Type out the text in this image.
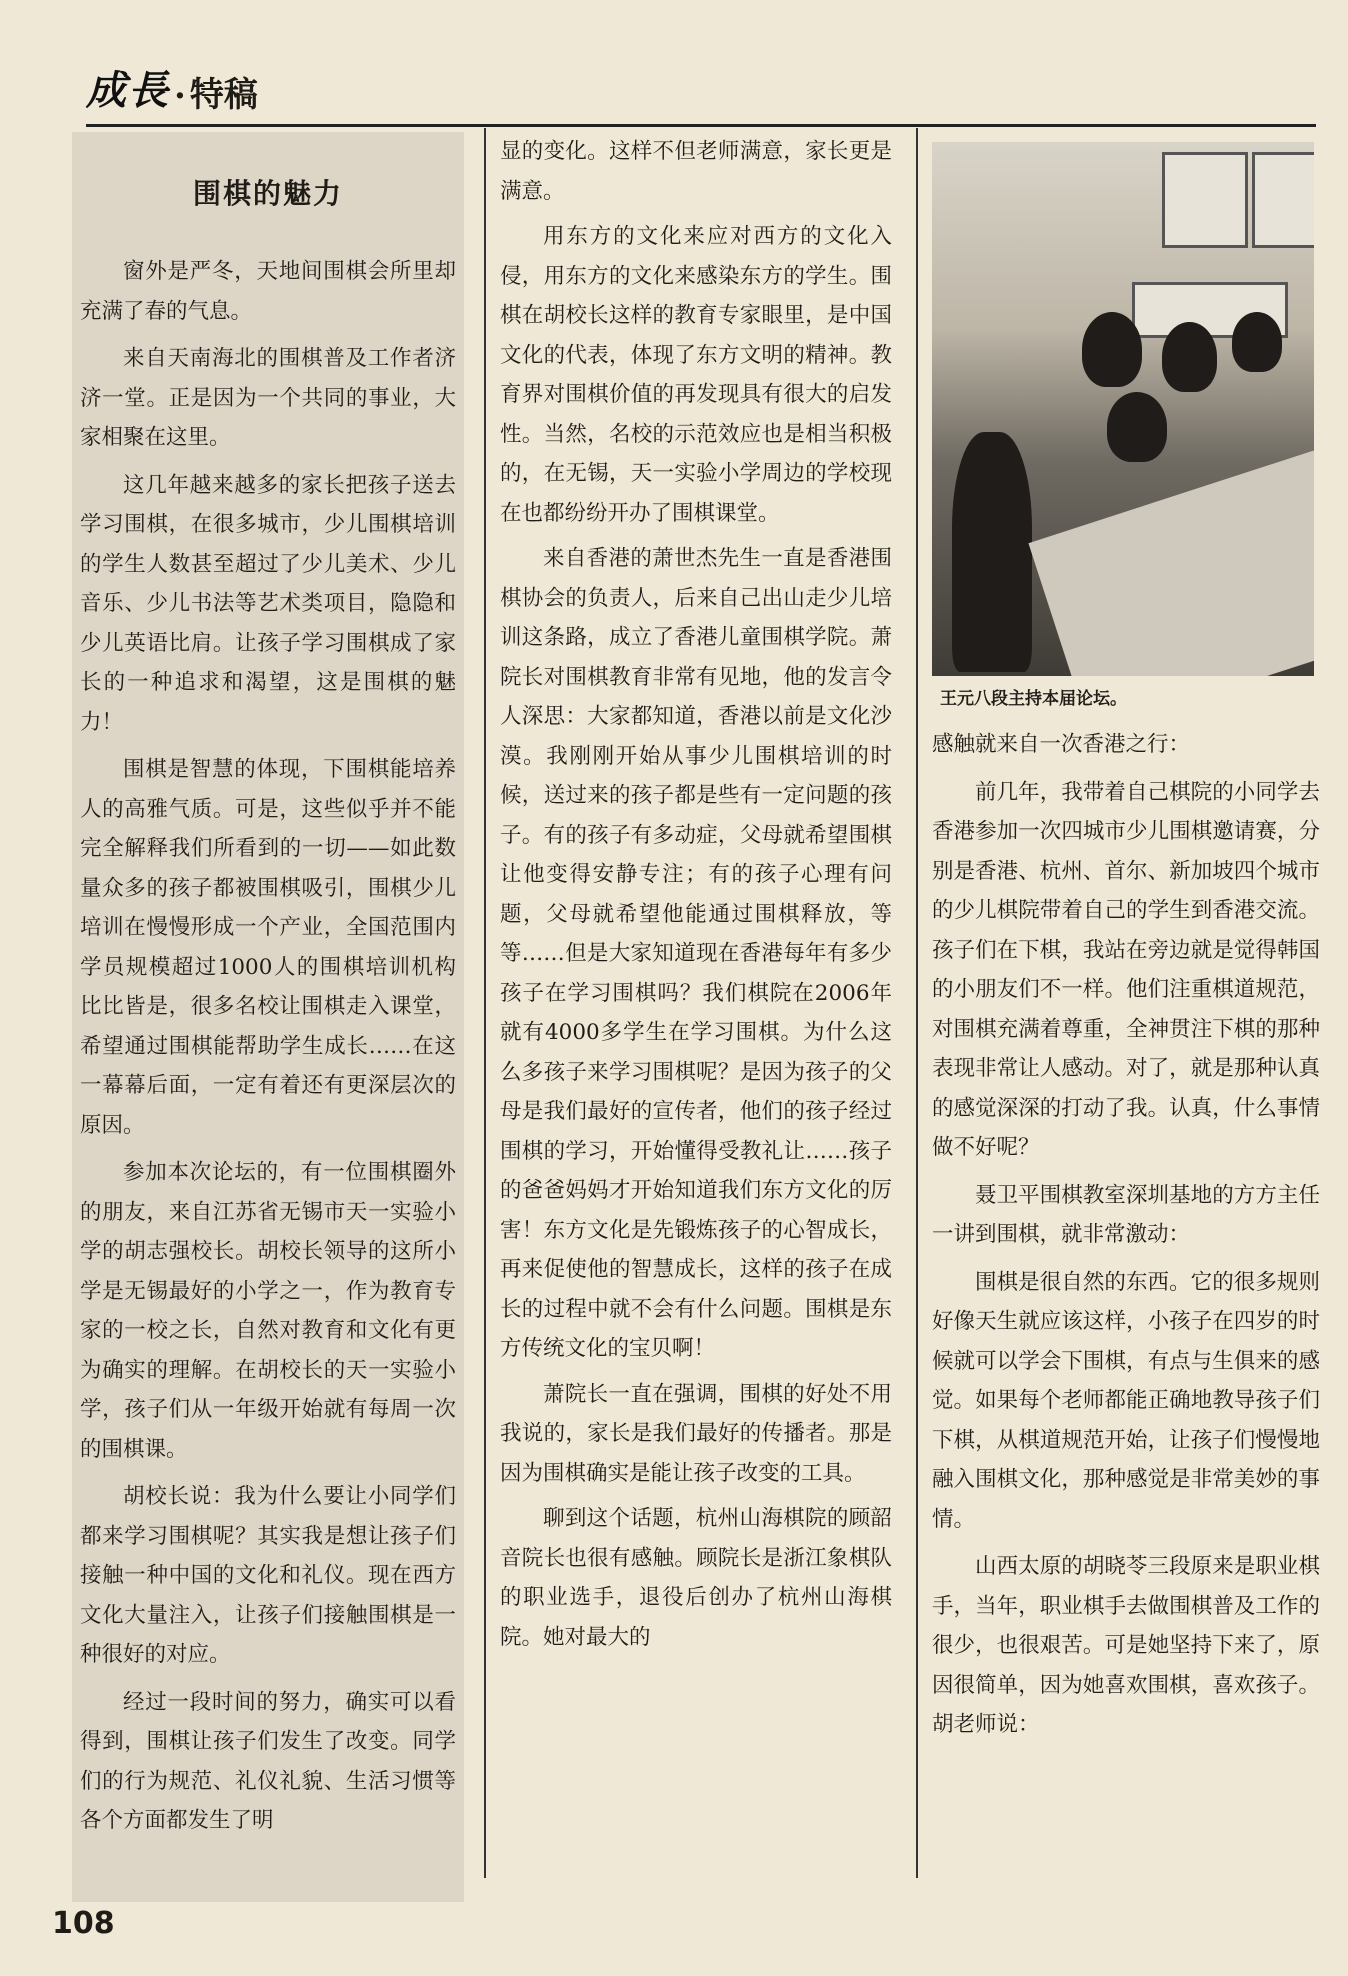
成長 · 特稿
围棋的魅力

窗外是严冬，天地间围棋会所里却充满了春的气息。

来自天南海北的围棋普及工作者济济一堂。正是因为一个共同的事业，大家相聚在这里。

这几年越来越多的家长把孩子送去学习围棋，在很多城市，少儿围棋培训的学生人数甚至超过了少儿美术、少儿音乐、少儿书法等艺术类项目，隐隐和少儿英语比肩。让孩子学习围棋成了家长的一种追求和渴望，这是围棋的魅力！

围棋是智慧的体现，下围棋能培养人的高雅气质。可是，这些似乎并不能完全解释我们所看到的一切——如此数量众多的孩子都被围棋吸引，围棋少儿培训在慢慢形成一个产业，全国范围内学员规模超过1000人的围棋培训机构比比皆是，很多名校让围棋走入课堂，希望通过围棋能帮助学生成长……在这一幕幕后面，一定有着还有更深层次的原因。

参加本次论坛的，有一位围棋圈外的朋友，来自江苏省无锡市天一实验小学的胡志强校长。胡校长领导的这所小学是无锡最好的小学之一，作为教育专家的一校之长，自然对教育和文化有更为确实的理解。在胡校长的天一实验小学，孩子们从一年级开始就有每周一次的围棋课。

胡校长说：我为什么要让小同学们都来学习围棋呢？其实我是想让孩子们接触一种中国的文化和礼仪。现在西方文化大量注入，让孩子们接触围棋是一种很好的对应。

经过一段时间的努力，确实可以看得到，围棋让孩子们发生了改变。同学们的行为规范、礼仪礼貌、生活习惯等各个方面都发生了明

显的变化。这样不但老师满意，家长更是满意。

用东方的文化来应对西方的文化入侵，用东方的文化来感染东方的学生。围棋在胡校长这样的教育专家眼里，是中国文化的代表，体现了东方文明的精神。教育界对围棋价值的再发现具有很大的启发性。当然，名校的示范效应也是相当积极的，在无锡，天一实验小学周边的学校现在也都纷纷开办了围棋课堂。

来自香港的萧世杰先生一直是香港围棋协会的负责人，后来自己出山走少儿培训这条路，成立了香港儿童围棋学院。萧院长对围棋教育非常有见地，他的发言令人深思：大家都知道，香港以前是文化沙漠。我刚刚开始从事少儿围棋培训的时候，送过来的孩子都是些有一定问题的孩子。有的孩子有多动症，父母就希望围棋让他变得安静专注；有的孩子心理有问题，父母就希望他能通过围棋释放，等等……但是大家知道现在香港每年有多少孩子在学习围棋吗？我们棋院在2006年就有4000多学生在学习围棋。为什么这么多孩子来学习围棋呢？是因为孩子的父母是我们最好的宣传者，他们的孩子经过围棋的学习，开始懂得受教礼让……孩子的爸爸妈妈才开始知道我们东方文化的厉害！东方文化是先锻炼孩子的心智成长，再来促使他的智慧成长，这样的孩子在成长的过程中就不会有什么问题。围棋是东方传统文化的宝贝啊！

萧院长一直在强调，围棋的好处不用我说的，家长是我们最好的传播者。那是因为围棋确实是能让孩子改变的工具。

聊到这个话题，杭州山海棋院的顾韶音院长也很有感触。顾院长是浙江象棋队的职业选手，退役后创办了杭州山海棋院。她对最大的

王元八段主持本届论坛。

感触就来自一次香港之行：

前几年，我带着自己棋院的小同学去香港参加一次四城市少儿围棋邀请赛，分别是香港、杭州、首尔、新加坡四个城市的少儿棋院带着自己的学生到香港交流。孩子们在下棋，我站在旁边就是觉得韩国的小朋友们不一样。他们注重棋道规范，对围棋充满着尊重，全神贯注下棋的那种表现非常让人感动。对了，就是那种认真的感觉深深的打动了我。认真，什么事情做不好呢？

聂卫平围棋教室深圳基地的方方主任一讲到围棋，就非常激动：

围棋是很自然的东西。它的很多规则好像天生就应该这样，小孩子在四岁的时候就可以学会下围棋，有点与生俱来的感觉。如果每个老师都能正确地教导孩子们下棋，从棋道规范开始，让孩子们慢慢地融入围棋文化，那种感觉是非常美妙的事情。

山西太原的胡晓苓三段原来是职业棋手，当年，职业棋手去做围棋普及工作的很少，也很艰苦。可是她坚持下来了，原因很简单，因为她喜欢围棋，喜欢孩子。胡老师说：

108
